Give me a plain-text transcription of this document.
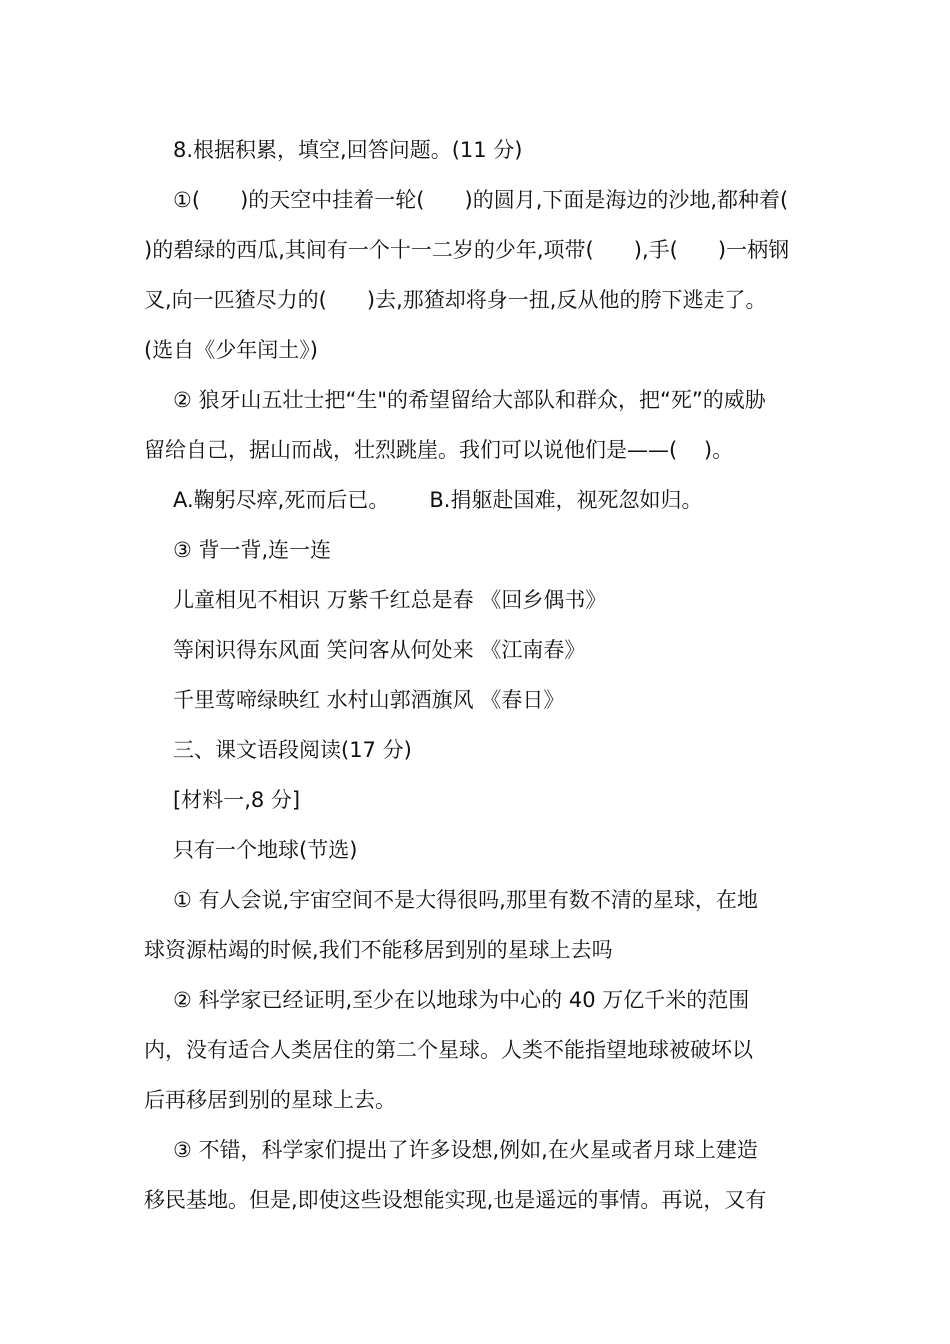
8.根据积累，填空,回答问题。(11 分)
①(      )的天空中挂着一轮(      )的圆月,下面是海边的沙地,都种着(
)的碧绿的西瓜,其间有一个十一二岁的少年,项带(      ),手(      )一柄钢
叉,向一匹猹尽力的(      )去,那猹却将身一扭,反从他的胯下逃走了。
(选自《少年闰土》)
② 狼牙山五壮士把“生"的希望留给大部队和群众，把“死”的威胁
留给自己，据山而战，壮烈跳崖。我们可以说他们是——(    )。
A.鞠躬尽瘁,死而后已。      B.捐躯赴国难，视死忽如归。
③ 背一背,连一连
儿童相见不相识 万紫千红总是春 《回乡偶书》
等闲识得东风面 笑问客从何处来 《江南春》
千里莺啼绿映红 水村山郭酒旗风 《春日》
三、课文语段阅读(17 分)
[材料一,8 分]
只有一个地球(节选)
① 有人会说,宇宙空间不是大得很吗,那里有数不清的星球，在地
球资源枯竭的时候,我们不能移居到别的星球上去吗
② 科学家已经证明,至少在以地球为中心的 40 万亿千米的范围
内，没有适合人类居住的第二个星球。人类不能指望地球被破坏以
后再移居到别的星球上去。
③ 不错，科学家们提出了许多设想,例如,在火星或者月球上建造
移民基地。但是,即使这些设想能实现,也是遥远的事情。再说，又有
